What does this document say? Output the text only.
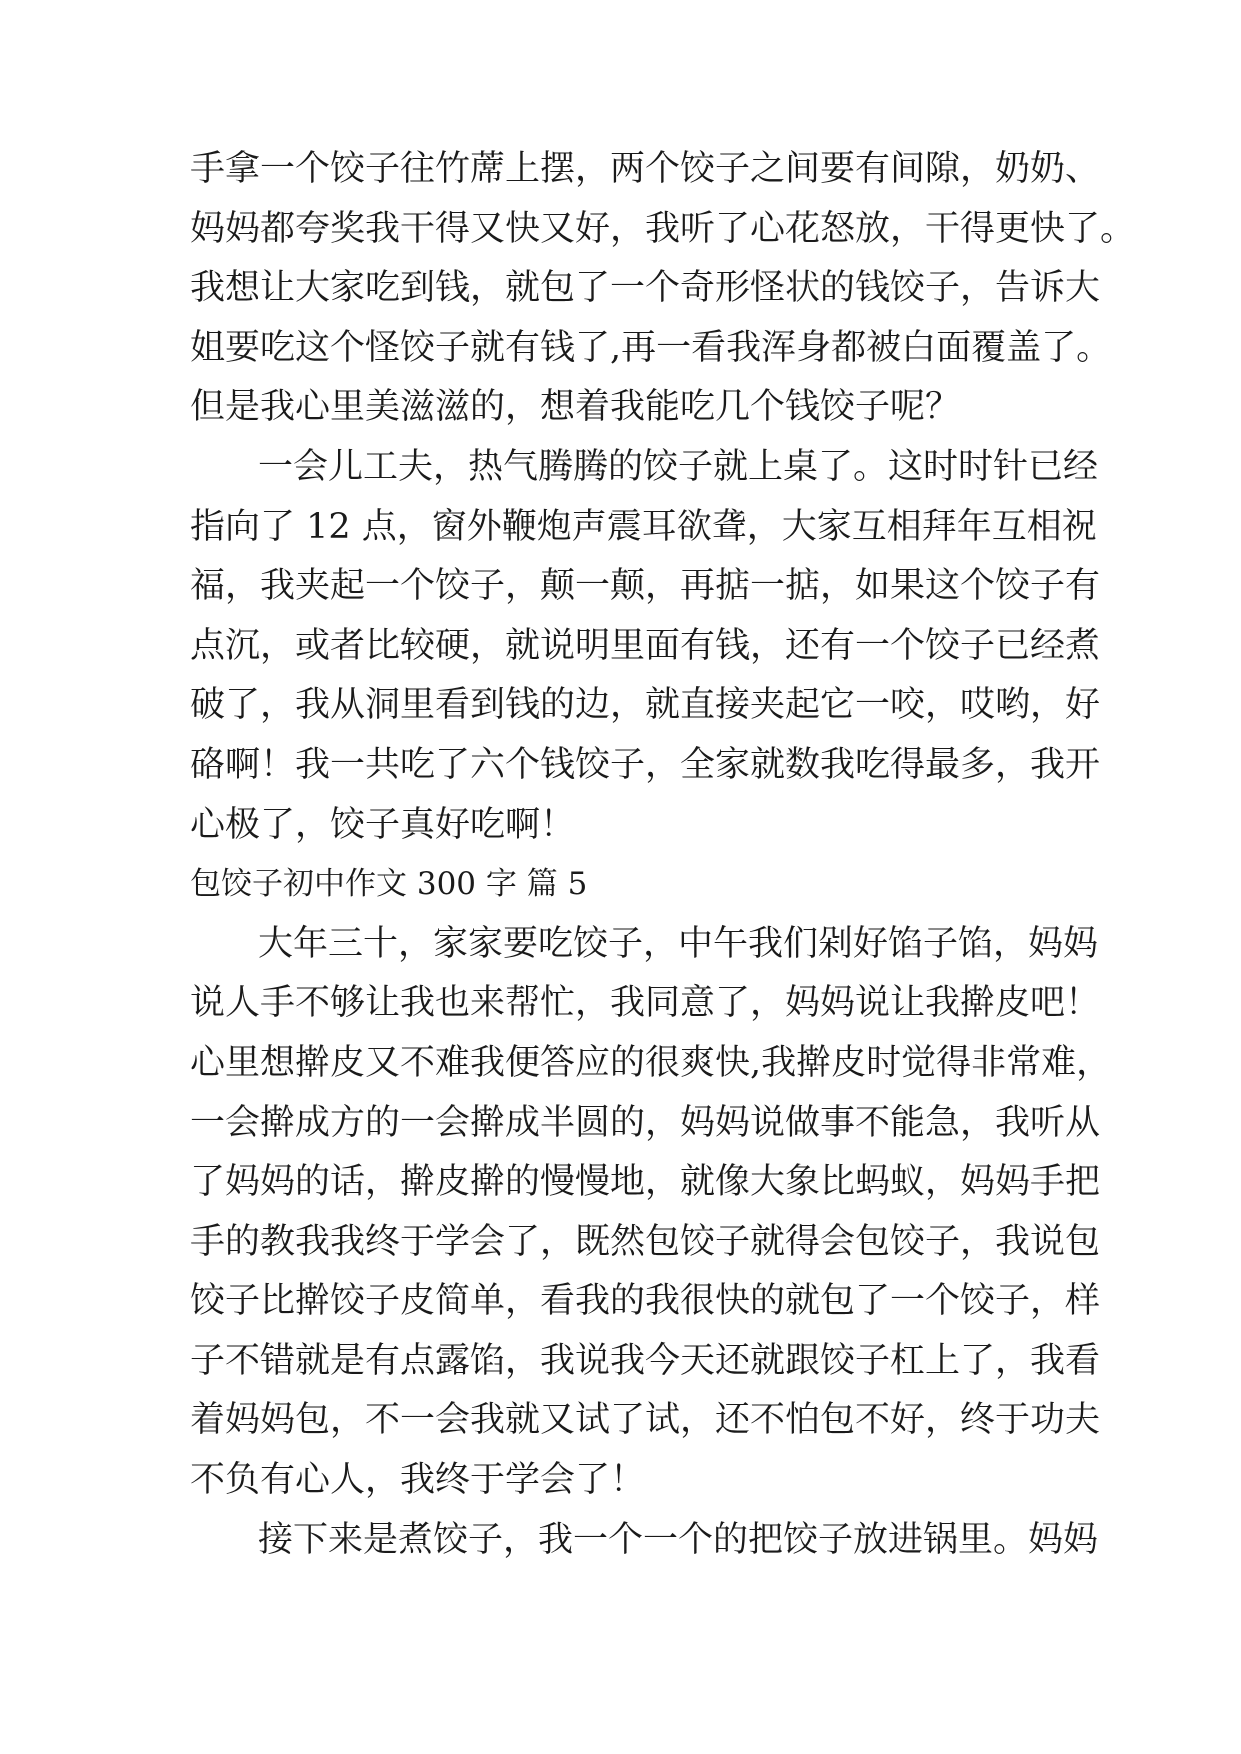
手拿一个饺子往竹蓆上摆，两个饺子之间要有间隙，奶奶、
妈妈都夸奖我干得又快又好，我听了心花怒放，干得更快了。
我想让大家吃到钱，就包了一个奇形怪状的钱饺子，告诉大
姐要吃这个怪饺子就有钱了,再一看我浑身都被白面覆盖了。
但是我心里美滋滋的，想着我能吃几个钱饺子呢？
一会儿工夫，热气腾腾的饺子就上桌了。这时时针已经
指向了 12 点，窗外鞭炮声震耳欲聋，大家互相拜年互相祝
福，我夹起一个饺子，颠一颠，再掂一掂，如果这个饺子有
点沉，或者比较硬，就说明里面有钱，还有一个饺子已经煮
破了，我从洞里看到钱的边，就直接夹起它一咬，哎哟，好
硌啊！我一共吃了六个钱饺子，全家就数我吃得最多，我开
心极了，饺子真好吃啊！
包饺子初中作文 300 字 篇 5
大年三十，家家要吃饺子，中午我们剁好馅子馅，妈妈
说人手不够让我也来帮忙，我同意了，妈妈说让我擀皮吧！
心里想擀皮又不难我便答应的很爽快,我擀皮时觉得非常难，
一会擀成方的一会擀成半圆的，妈妈说做事不能急，我听从
了妈妈的话，擀皮擀的慢慢地，就像大象比蚂蚁，妈妈手把
手的教我我终于学会了，既然包饺子就得会包饺子，我说包
饺子比擀饺子皮简单，看我的我很快的就包了一个饺子，样
子不错就是有点露馅，我说我今天还就跟饺子杠上了，我看
着妈妈包，不一会我就又试了试，还不怕包不好，终于功夫
不负有心人，我终于学会了！
接下来是煮饺子，我一个一个的把饺子放进锅里。妈妈
